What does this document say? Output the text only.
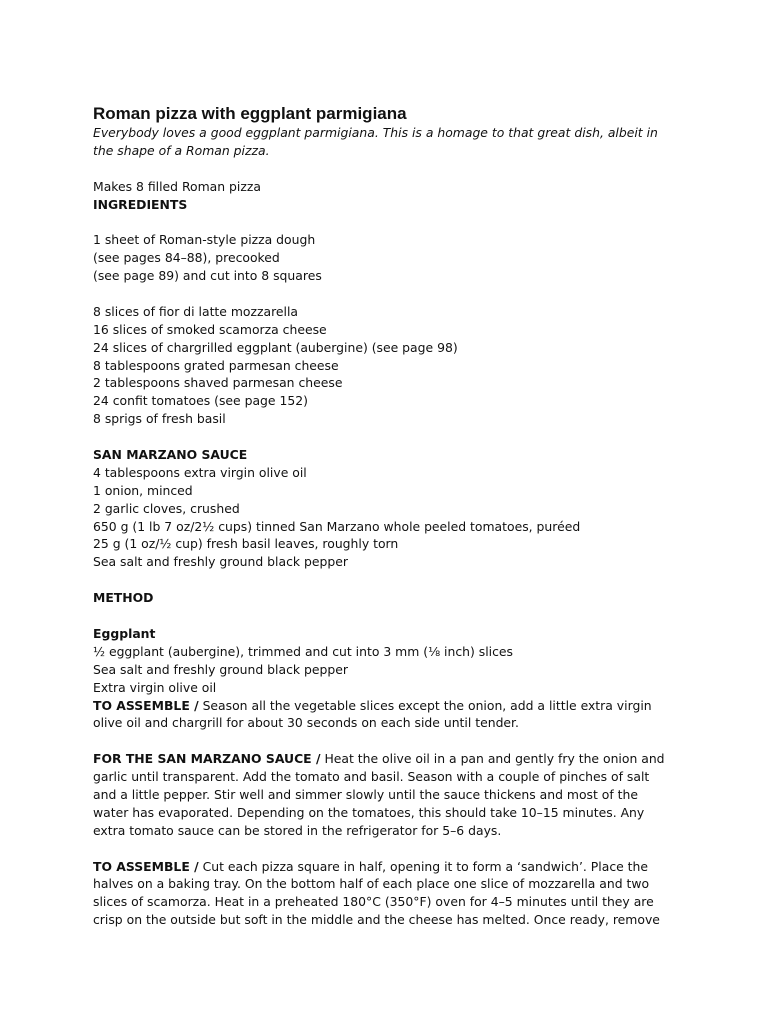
Roman pizza with eggplant parmigiana
Everybody loves a good eggplant parmigiana. This is a homage to that great dish, albeit in
the shape of a Roman pizza.
Makes 8 filled Roman pizza
INGREDIENTS
1 sheet of Roman-style pizza dough
(see pages 84–88), precooked
(see page 89) and cut into 8 squares
8 slices of fior di latte mozzarella
16 slices of smoked scamorza cheese
24 slices of chargrilled eggplant (aubergine) (see page 98)
8 tablespoons grated parmesan cheese
2 tablespoons shaved parmesan cheese
24 confit tomatoes (see page 152)
8 sprigs of fresh basil
SAN MARZANO SAUCE
4 tablespoons extra virgin olive oil
1 onion, minced
2 garlic cloves, crushed
650 g (1 lb 7 oz/2½ cups) tinned San Marzano whole peeled tomatoes, puréed
25 g (1 oz/½ cup) fresh basil leaves, roughly torn
Sea salt and freshly ground black pepper
METHOD
Eggplant
½ eggplant (aubergine), trimmed and cut into 3 mm (⅛ inch) slices
Sea salt and freshly ground black pepper
Extra virgin olive oil
TO ASSEMBLE / Season all the vegetable slices except the onion, add a little extra virgin
olive oil and chargrill for about 30 seconds on each side until tender.
FOR THE SAN MARZANO SAUCE / Heat the olive oil in a pan and gently fry the onion and
garlic until transparent. Add the tomato and basil. Season with a couple of pinches of salt
and a little pepper. Stir well and simmer slowly until the sauce thickens and most of the
water has evaporated. Depending on the tomatoes, this should take 10–15 minutes. Any
extra tomato sauce can be stored in the refrigerator for 5–6 days.
TO ASSEMBLE / Cut each pizza square in half, opening it to form a ‘sandwich’. Place the
halves on a baking tray. On the bottom half of each place one slice of mozzarella and two
slices of scamorza. Heat in a preheated 180°C (350°F) oven for 4–5 minutes until they are
crisp on the outside but soft in the middle and the cheese has melted. Once ready, remove
